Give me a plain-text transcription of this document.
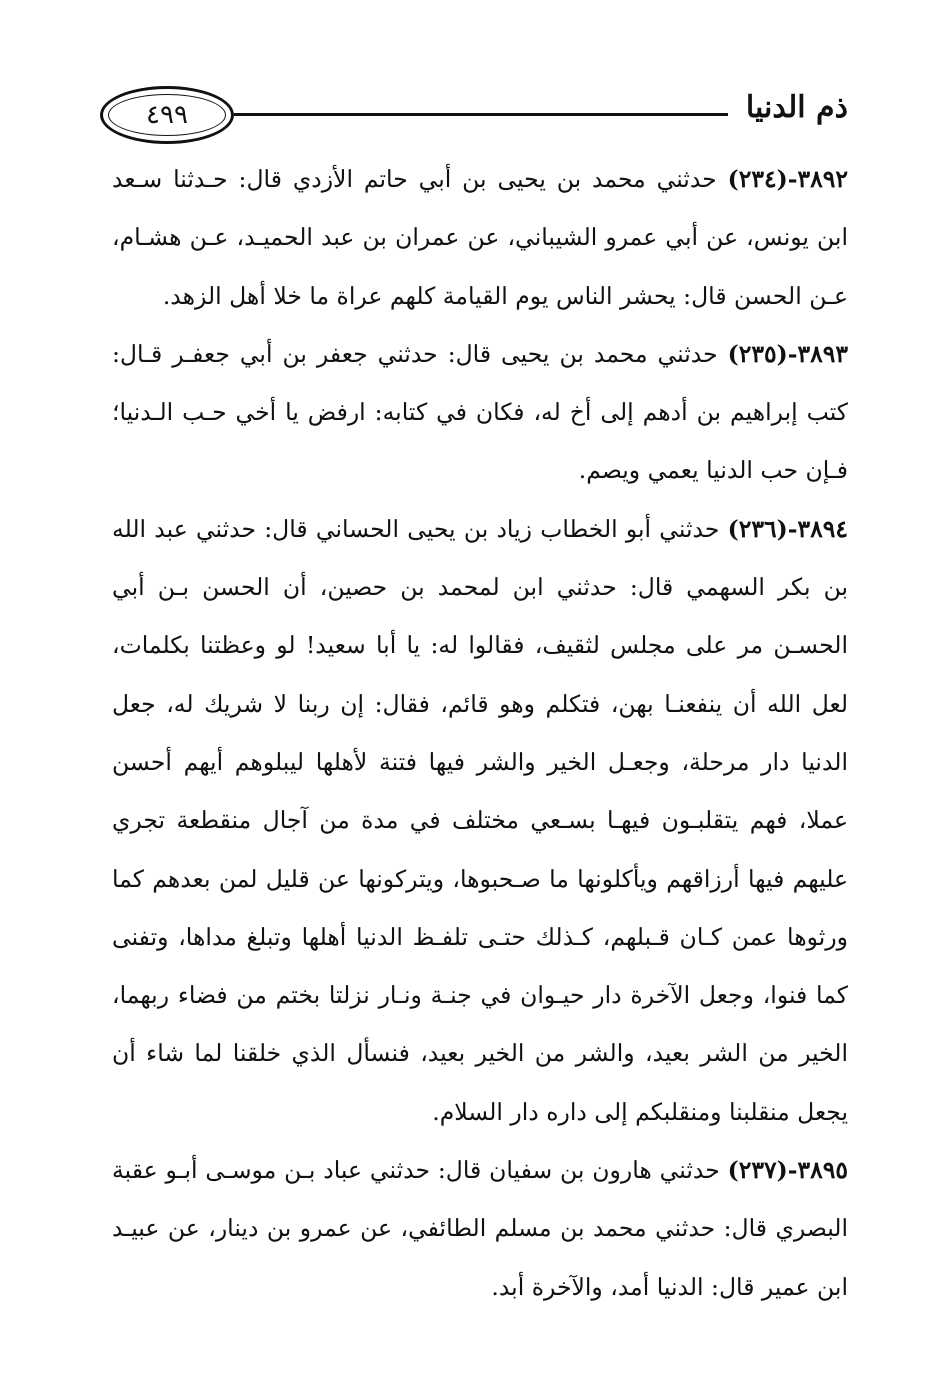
٤٩٩	ذم الدنيا

٣٨٩٢-(٢٣٤) حدثني محمد بن يحيى بن أبي حاتم الأزدي قال: حـدثنا سـعد ابن يونس، عن أبي عمرو الشيباني، عن عمران بن عبد الحميـد، عـن هشـام، عـن الحسن قال: يحشر الناس يوم القيامة كلهم عراة ما خلا أهل الزهد.

٣٨٩٣-(٢٣٥) حدثني محمد بن يحيى قال: حدثني جعفر بن أبي جعفـر قـال: كتب إبراهيم بن أدهم إلى أخ له، فكان في كتابه: ارفض يا أخي حـب الـدنيا؛ فـإن حب الدنيا يعمي ويصم.

٣٨٩٤-(٢٣٦) حدثني أبو الخطاب زياد بن يحيى الحساني قال: حدثني عبد الله بن بكر السهمي قال: حدثني ابن لمحمد بن حصين، أن الحسن بـن أبي الحسـن مر على مجلس لثقيف، فقالوا له: يا أبا سعيد! لو وعظتنا بكلمات، لعل الله أن ينفعنـا بهن، فتكلم وهو قائم، فقال: إن ربنا لا شريك له، جعل الدنيا دار مرحلة، وجعـل الخير والشر فيها فتنة لأهلها ليبلوهم أيهم أحسن عملا، فهم يتقلبـون فيهـا بسـعي مختلف في مدة من آجال منقطعة تجري عليهم فيها أرزاقهم ويأكلونها ما صـحبوها، ويتركونها عن قليل لمن بعدهم كما ورثوها عمن كـان قـبلهم، كـذلك حتـى تلفـظ الدنيا أهلها وتبلغ مداها، وتفنى كما فنوا، وجعل الآخرة دار حيـوان في جنـة ونـار نزلتا بختم من فضاء ربهما، الخير من الشر بعيد، والشر من الخير بعيد، فنسأل الذي خلقنا لما شاء أن يجعل منقلبنا ومنقلبكم إلى داره دار السلام.

٣٨٩٥-(٢٣٧) حدثني هارون بن سفيان قال: حدثني عباد بـن موسـى أبـو عقبة البصري قال: حدثني محمد بن مسلم الطائفي، عن عمرو بن دينار، عن عبيـد ابن عمير قال: الدنيا أمد، والآخرة أبد.
